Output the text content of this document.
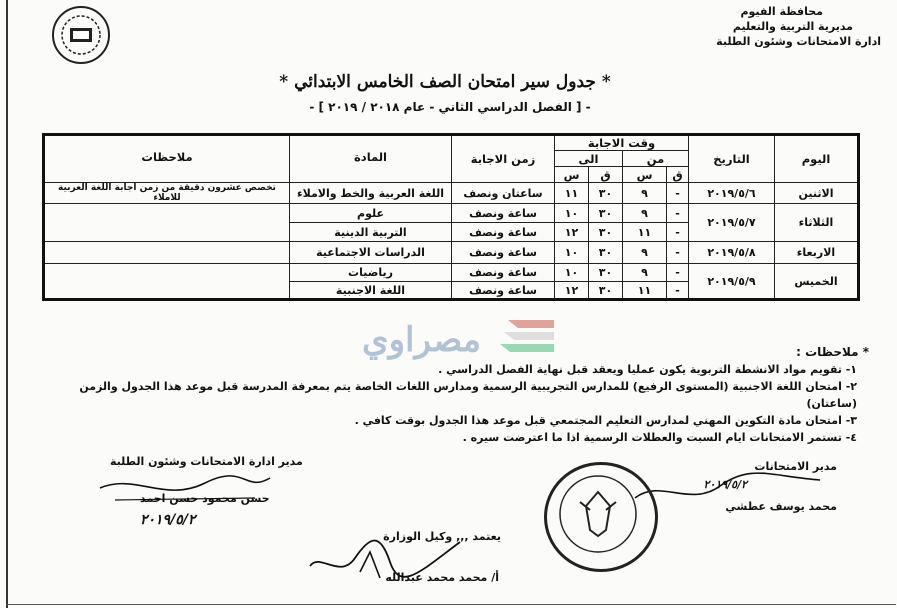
محافظة الفيوم
مديرية التربية والتعليم
ادارة الامتحانات وشئون الطلبة
* جدول سير امتحان الصف الخامس الابتدائي *
- [ الفصل الدراسي الثاني - عام ٢٠١٨ / ٢٠١٩ ] -
اليوم	التاريخ	وقت الاجابة				زمن الاجابة	المادة	ملاحظات
		من		الى				
		ق	س	ق	س			
الاثنين	٢٠١٩/٥/٦	-	٩	٣٠	١١	ساعتان ونصف	اللغة العربية والخط والاملاء	تخصص عشرون دقيقة من زمن اجابة اللغة العربية للاملاء
الثلاثاء	٢٠١٩/٥/٧	-	٩	٣٠	١٠	ساعة ونصف	علوم	
		-	١١	٣٠	١٢	ساعة ونصف	التربية الدينية	
الاربعاء	٢٠١٩/٥/٨	-	٩	٣٠	١٠	ساعة ونصف	الدراسات الاجتماعية	
الخميس	٢٠١٩/٥/٩	-	٩	٣٠	١٠	ساعة ونصف	رياضيات	
		-	١١	٣٠	١٢	ساعة ونصف	اللغة الاجنبية	
مصراوي	* ملاحظات :
١- تقويم مواد الانشطة التربوية يكون عمليا ويعقد قبل نهاية الفصل الدراسي .
٢- امتحان اللغة الاجنبية (المستوى الرفيع) للمدارس التجريبية الرسمية ومدارس اللغات الخاصة يتم بمعرفة المدرسة قبل موعد هذا الجدول والزمن (ساعتان)
٣- امتحان مادة التكوين المهني لمدارس التعليم المجتمعي قبل موعد هذا الجدول بوقت كافي .
٤- تستمر الامتحانات ايام السبت والعطلات الرسمية اذا ما اعترضت سيره .
مدير الامتحانات
٢٠١٩/٥/٢
محمد يوسف عطشي
يعتمد ,,, وكيل الوزارة
أ/ محمد محمد عبدالله
مدير ادارة الامتحانات وشئون الطلبة
حسن محمود حسن احمد
٢٠١٩/٥/٢
